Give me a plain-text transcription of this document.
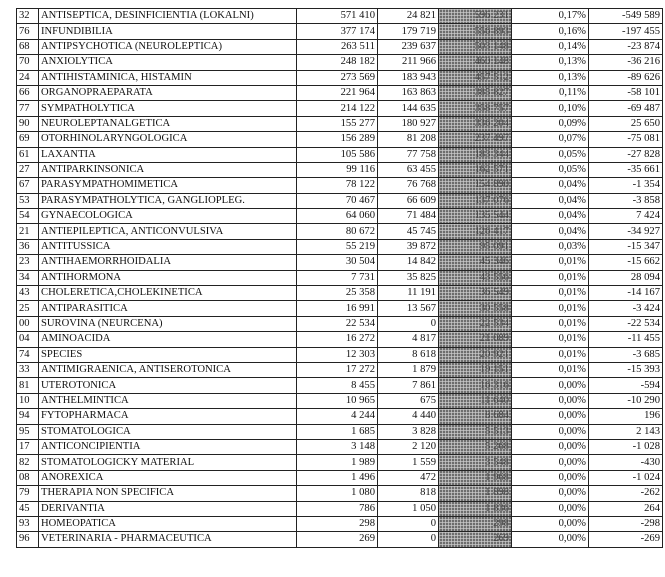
32	ANTISEPTICA, DESINFICIENTIA (LOKALNI)	571 410	24 821	596 231	0,17%	-549 589
76	INFUNDIBILIA	377 174	179 719	556 893	0,16%	-197 455
68	ANTIPSYCHOTICA (NEUROLEPTICA)	263 511	239 637	503 148	0,14%	-23 874
70	ANXIOLYTICA	248 182	211 966	460 148	0,13%	-36 216
24	ANTIHISTAMINICA, HISTAMIN	273 569	183 943	457 512	0,13%	-89 626
66	ORGANOPRAEPARATA	221 964	163 863	385 827	0,11%	-58 101
77	SYMPATHOLYTICA	214 122	144 635	358 757	0,10%	-69 487
90	NEUROLEPTANALGETICA	155 277	180 927	336 204	0,09%	25 650
69	OTORHINOLARYNGOLOGICA	156 289	81 208	237 497	0,07%	-75 081
61	LAXANTIA	105 586	77 758	183 344	0,05%	-27 828
27	ANTIPARKINSONICA	99 116	63 455	162 571	0,05%	-35 661
67	PARASYMPATHOMIMETICA	78 122	76 768	154 890	0,04%	-1 354
53	PARASYMPATHOLYTICA, GANGLIOPLEG.	70 467	66 609	137 076	0,04%	-3 858
54	GYNAECOLOGICA	64 060	71 484	135 544	0,04%	7 424
21	ANTIEPILEPTICA, ANTICONVULSIVA	80 672	45 745	126 417	0,04%	-34 927
36	ANTITUSSICA	55 219	39 872	95 091	0,03%	-15 347
23	ANTIHAEMORRHOIDALIA	30 504	14 842	45 346	0,01%	-15 662
34	ANTIHORMONA	7 731	35 825	43 556	0,01%	28 094
43	CHOLERETICA,CHOLEKINETICA	25 358	11 191	36 549	0,01%	-14 167
25	ANTIPARASITICA	16 991	13 567	30 558	0,01%	-3 424
00	SUROVINA (NEURCENA)	22 534	0	22 534	0,01%	-22 534
04	AMINOACIDA	16 272	4 817	21 089	0,01%	-11 455
74	SPECIES	12 303	8 618	20 921	0,01%	-3 685
33	ANTIMIGRAENICA, ANTISEROTONICA	17 272	1 879	19 151	0,01%	-15 393
81	UTEROTONICA	8 455	7 861	16 316	0,00%	-594
10	ANTHELMINTICA	10 965	675	11 640	0,00%	-10 290
94	FYTOPHARMACA	4 244	4 440	8 684	0,00%	196
95	STOMATOLOGICA	1 685	3 828	5 513	0,00%	2 143
17	ANTICONCIPIENTIA	3 148	2 120	5 268	0,00%	-1 028
82	STOMATOLOGICKY MATERIAL	1 989	1 559	3 548	0,00%	-430
08	ANOREXICA	1 496	472	1 968	0,00%	-1 024
79	THERAPIA NON SPECIFICA	1 080	818	1 898	0,00%	-262
45	DERIVANTIA	786	1 050	1 836	0,00%	264
93	HOMEOPATICA	298	0	298	0,00%	-298
96	VETERINARIA - PHARMACEUTICA	269	0	269	0,00%	-269
